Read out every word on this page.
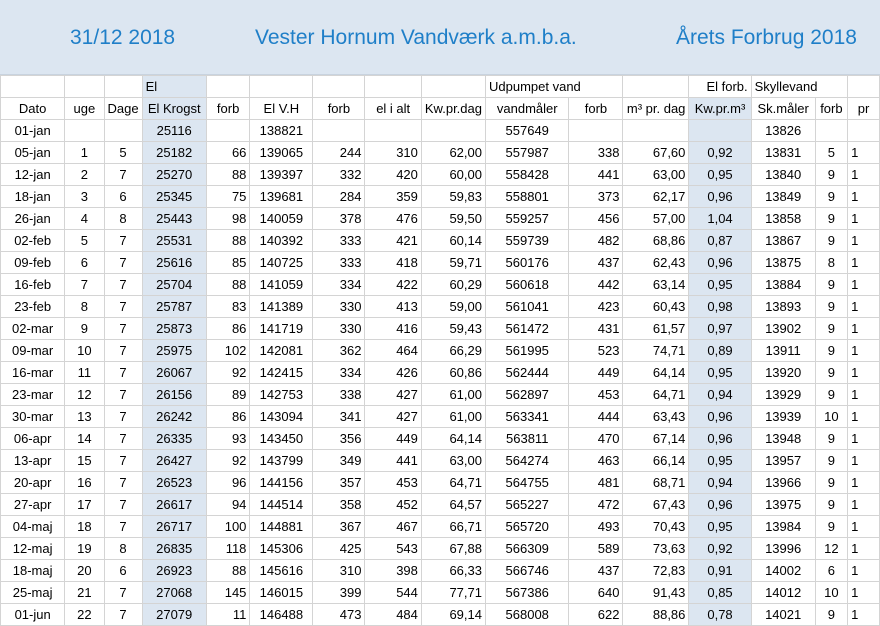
31/12 2018	Vester Hornum Vandværk a.m.b.a.	Årets Forbrug 2018
			El						Udpumpet vand			El forb.	Skyllevand		
Dato	uge	Dage	El Krogst	forb	El V.H	forb	el i alt	Kw.pr.dag	vandmåler	forb	m³ pr. dag	Kw.pr.m³	Sk.måler	forb	pr
01-jan			25116		138821				557649				13826		
05-jan	1	5	25182	66	139065	244	310	62,00	557987	338	67,60	0,92	13831	5	1
12-jan	2	7	25270	88	139397	332	420	60,00	558428	441	63,00	0,95	13840	9	1
18-jan	3	6	25345	75	139681	284	359	59,83	558801	373	62,17	0,96	13849	9	1
26-jan	4	8	25443	98	140059	378	476	59,50	559257	456	57,00	1,04	13858	9	1
02-feb	5	7	25531	88	140392	333	421	60,14	559739	482	68,86	0,87	13867	9	1
09-feb	6	7	25616	85	140725	333	418	59,71	560176	437	62,43	0,96	13875	8	1
16-feb	7	7	25704	88	141059	334	422	60,29	560618	442	63,14	0,95	13884	9	1
23-feb	8	7	25787	83	141389	330	413	59,00	561041	423	60,43	0,98	13893	9	1
02-mar	9	7	25873	86	141719	330	416	59,43	561472	431	61,57	0,97	13902	9	1
09-mar	10	7	25975	102	142081	362	464	66,29	561995	523	74,71	0,89	13911	9	1
16-mar	11	7	26067	92	142415	334	426	60,86	562444	449	64,14	0,95	13920	9	1
23-mar	12	7	26156	89	142753	338	427	61,00	562897	453	64,71	0,94	13929	9	1
30-mar	13	7	26242	86	143094	341	427	61,00	563341	444	63,43	0,96	13939	10	1
06-apr	14	7	26335	93	143450	356	449	64,14	563811	470	67,14	0,96	13948	9	1
13-apr	15	7	26427	92	143799	349	441	63,00	564274	463	66,14	0,95	13957	9	1
20-apr	16	7	26523	96	144156	357	453	64,71	564755	481	68,71	0,94	13966	9	1
27-apr	17	7	26617	94	144514	358	452	64,57	565227	472	67,43	0,96	13975	9	1
04-maj	18	7	26717	100	144881	367	467	66,71	565720	493	70,43	0,95	13984	9	1
12-maj	19	8	26835	118	145306	425	543	67,88	566309	589	73,63	0,92	13996	12	1
18-maj	20	6	26923	88	145616	310	398	66,33	566746	437	72,83	0,91	14002	6	1
25-maj	21	7	27068	145	146015	399	544	77,71	567386	640	91,43	0,85	14012	10	1
01-jun	22	7	27079	11	146488	473	484	69,14	568008	622	88,86	0,78	14021	9	1
